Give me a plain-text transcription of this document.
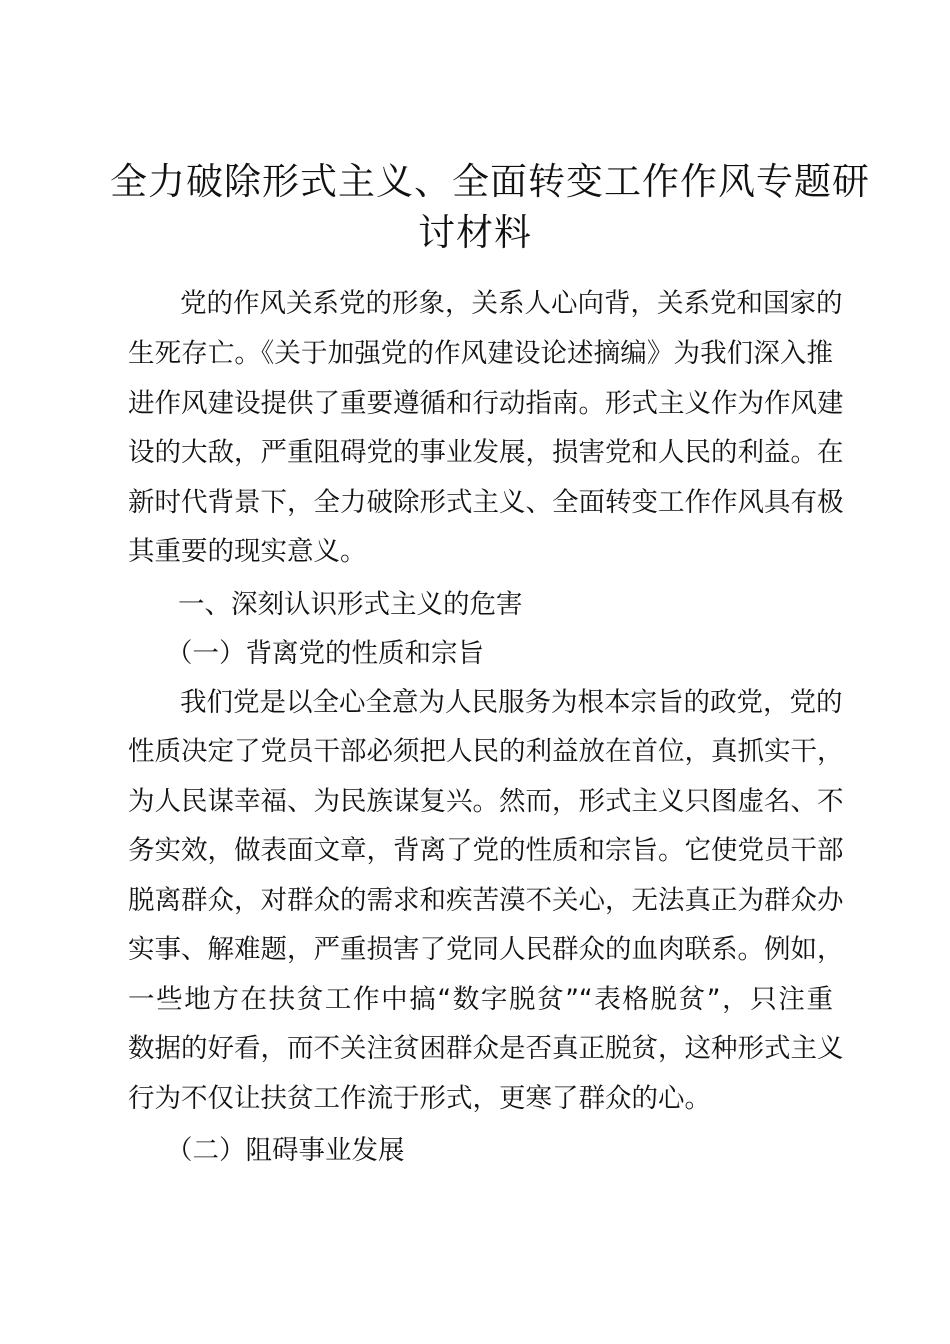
全力破除形式主义、全面转变工作作风专题研
讨材料
党的作风关系党的形象，关系人心向背，关系党和国家的
生死存亡。《关于加强党的作风建设论述摘编》为我们深入推
进作风建设提供了重要遵循和行动指南。形式主义作为作风建
设的大敌，严重阻碍党的事业发展，损害党和人民的利益。在
新时代背景下，全力破除形式主义、全面转变工作作风具有极
其重要的现实意义。
一、深刻认识形式主义的危害
（一）背离党的性质和宗旨
我们党是以全心全意为人民服务为根本宗旨的政党，党的
性质决定了党员干部必须把人民的利益放在首位，真抓实干，
为人民谋幸福、为民族谋复兴。然而，形式主义只图虚名、不
务实效，做表面文章，背离了党的性质和宗旨。它使党员干部
脱离群众，对群众的需求和疾苦漠不关心，无法真正为群众办
实事、解难题，严重损害了党同人民群众的血肉联系。例如，
一些地方在扶贫工作中搞“数字脱贫”“表格脱贫”，只注重
数据的好看，而不关注贫困群众是否真正脱贫，这种形式主义
行为不仅让扶贫工作流于形式，更寒了群众的心。
（二）阻碍事业发展
